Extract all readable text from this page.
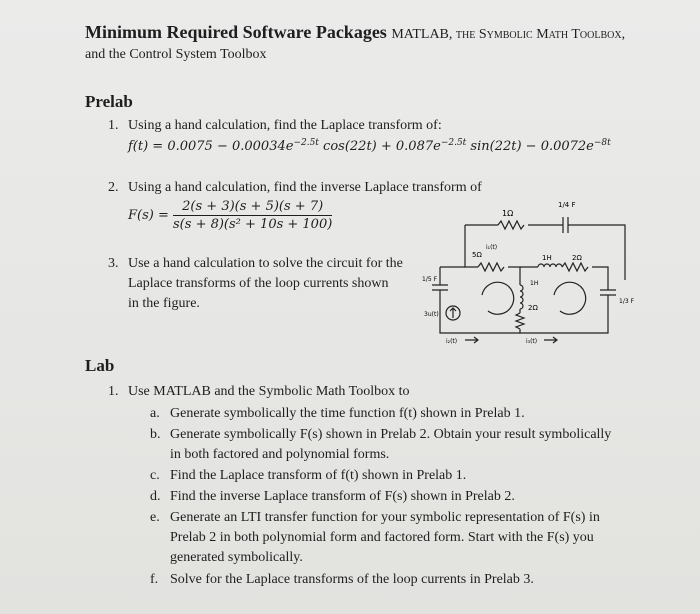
Minimum Required Software Packages MATLAB, the Symbolic Math Toolbox,
and the Control System Toolbox
Prelab
1. Using a hand calculation, find the Laplace transform of:
$f(t) = 0.0075 - 0.00034e^{-2.5t}$ $\cos(22t) + 0.087e^{-2.5t}$ $\sin(22t) - 0.0072e^{-8t}$
2. Using a hand calculation, find the inverse Laplace transform of
$F(s) = \frac{2(s + 3)(s + 5)(s + 7)}{\text{s(s + 8)(s² + 10s + 100)}}$
3. Use a hand calculation to solve the circuit for the
Laplace transforms of the loop currents shown
in the figure.
1Ω
1/4 F
5Ω
i₁(t)
1H	2Ω
1/5 F
1H
2Ω
1/3 F
3u(t)
i₂(t)	i₃(t)
Lab
1. Use MATLAB and the Symbolic Math Toolbox to
a. Generate symbolically the time function f(t) shown in Prelab 1.
b. Generate symbolically F(s) shown in Prelab 2. Obtain your result symbolically
in both factored and polynomial forms.
c. Find the Laplace transform of f(t) shown in Prelab 1.
d. Find the inverse Laplace transform of F(s) shown in Prelab 2.
e. Generate an LTI transfer function for your symbolic representation of F(s) in
Prelab 2 in both polynomial form and factored form. Start with the F(s) you
generated symbolically.
f. Solve for the Laplace transforms of the loop currents in Prelab 3.
